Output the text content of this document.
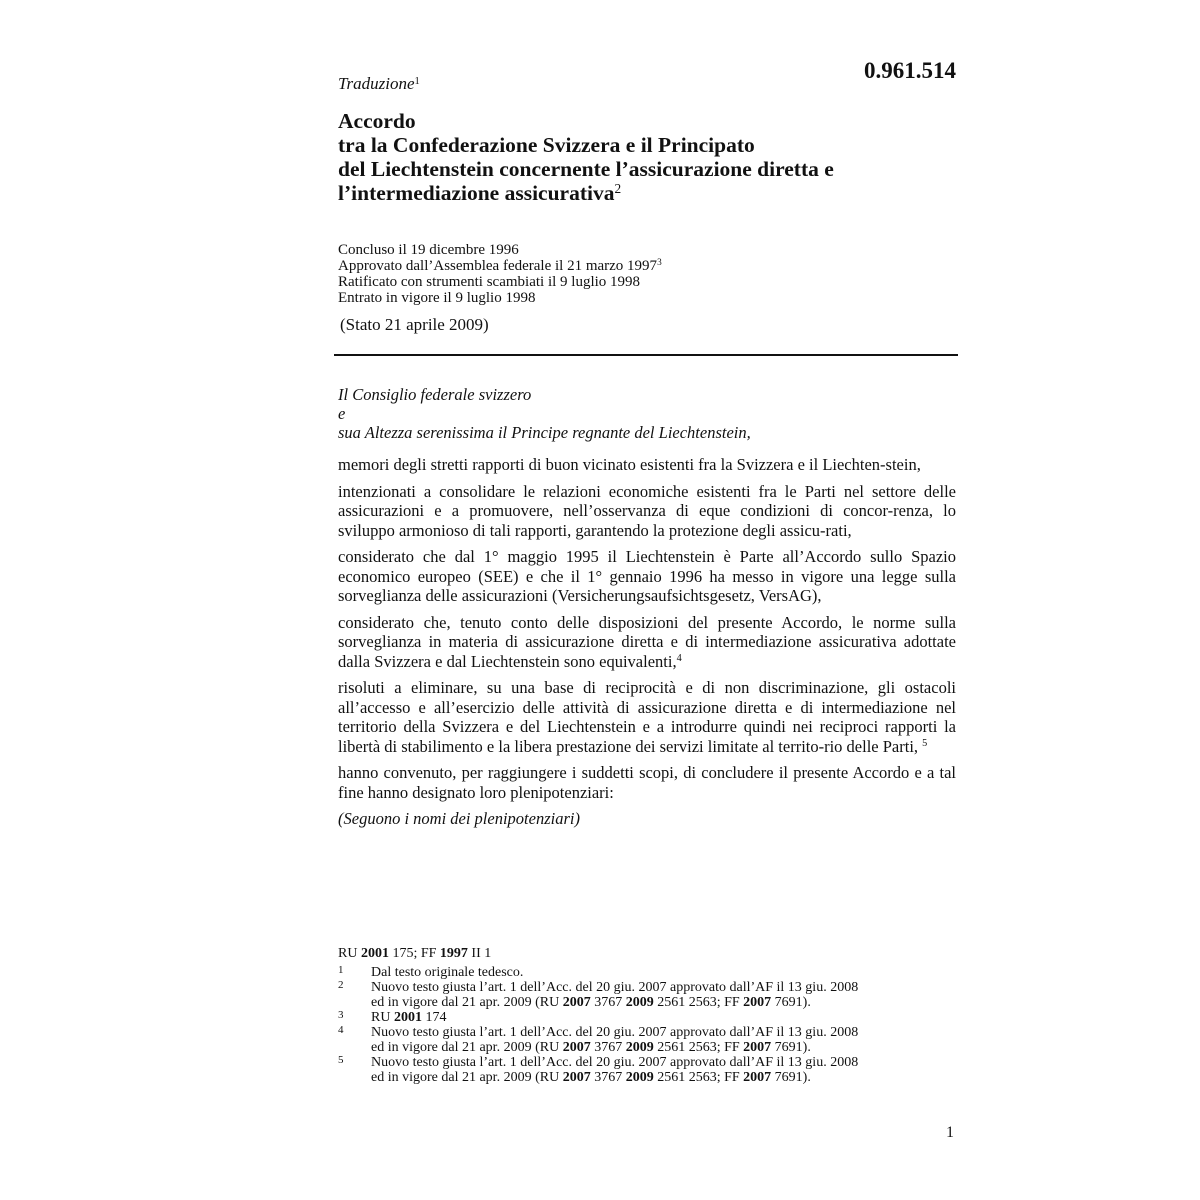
0.961.514
Traduzione$^1$
Accordo
tra la Confederazione Svizzera e il Principato
del Liechtenstein concernente l’assicurazione diretta e
l’intermediazione assicurativa$^2$
Concluso il 19 dicembre 1996
Approvato dall’Assemblea federale il 21 marzo 1997$^3$
Ratificato con strumenti scambiati il 9 luglio 1998
Entrato in vigore il 9 luglio 1998
(Stato 21 aprile 2009)
Il Consiglio federale svizzero
e
sua Altezza serenissima il Principe regnante del Liechtenstein,

memori degli stretti rapporti di buon vicinato esistenti fra la Svizzera e il Liechten-stein,

intenzionati a consolidare le relazioni economiche esistenti fra le Parti nel settore delle assicurazioni e a promuovere, nell’osservanza di eque condizioni di concor-renza, lo sviluppo armonioso di tali rapporti, garantendo la protezione degli assicu-rati,

considerato che dal 1° maggio 1995 il Liechtenstein è Parte all’Accordo sullo Spazio economico europeo (SEE) e che il 1° gennaio 1996 ha messo in vigore una legge sulla sorveglianza delle assicurazioni (Versicherungsaufsichtsgesetz, VersAG),

considerato che, tenuto conto delle disposizioni del presente Accordo, le norme sulla sorveglianza in materia di assicurazione diretta e di intermediazione assicurativa adottate dalla Svizzera e dal Liechtenstein sono equivalenti,$^4$

risoluti a eliminare, su una base di reciprocità e di non discriminazione, gli ostacoli all’accesso e all’esercizio delle attività di assicurazione diretta e di intermediazione nel territorio della Svizzera e del Liechtenstein e a introdurre quindi nei reciproci rapporti la libertà di stabilimento e la libera prestazione dei servizi limitate al territo-rio delle Parti, $^5$

hanno convenuto, per raggiungere i suddetti scopi, di concludere il presente Accordo e a tal fine hanno designato loro plenipotenziari:

(Seguono i nomi dei plenipotenziari)

RU 2001 175; FF 1997 II 1
1 Dal testo originale tedesco.
2 Nuovo testo giusta l’art. 1 dell’Acc. del 20 giu. 2007 approvato dall’AF il 13 giu. 2008
ed in vigore dal 21 apr. 2009 (RU 2007 3767 2009 2561 2563; FF 2007 7691).
3 RU 2001 174
4 Nuovo testo giusta l’art. 1 dell’Acc. del 20 giu. 2007 approvato dall’AF il 13 giu. 2008
ed in vigore dal 21 apr. 2009 (RU 2007 3767 2009 2561 2563; FF 2007 7691).
5 Nuovo testo giusta l’art. 1 dell’Acc. del 20 giu. 2007 approvato dall’AF il 13 giu. 2008
ed in vigore dal 21 apr. 2009 (RU 2007 3767 2009 2561 2563; FF 2007 7691).
1
